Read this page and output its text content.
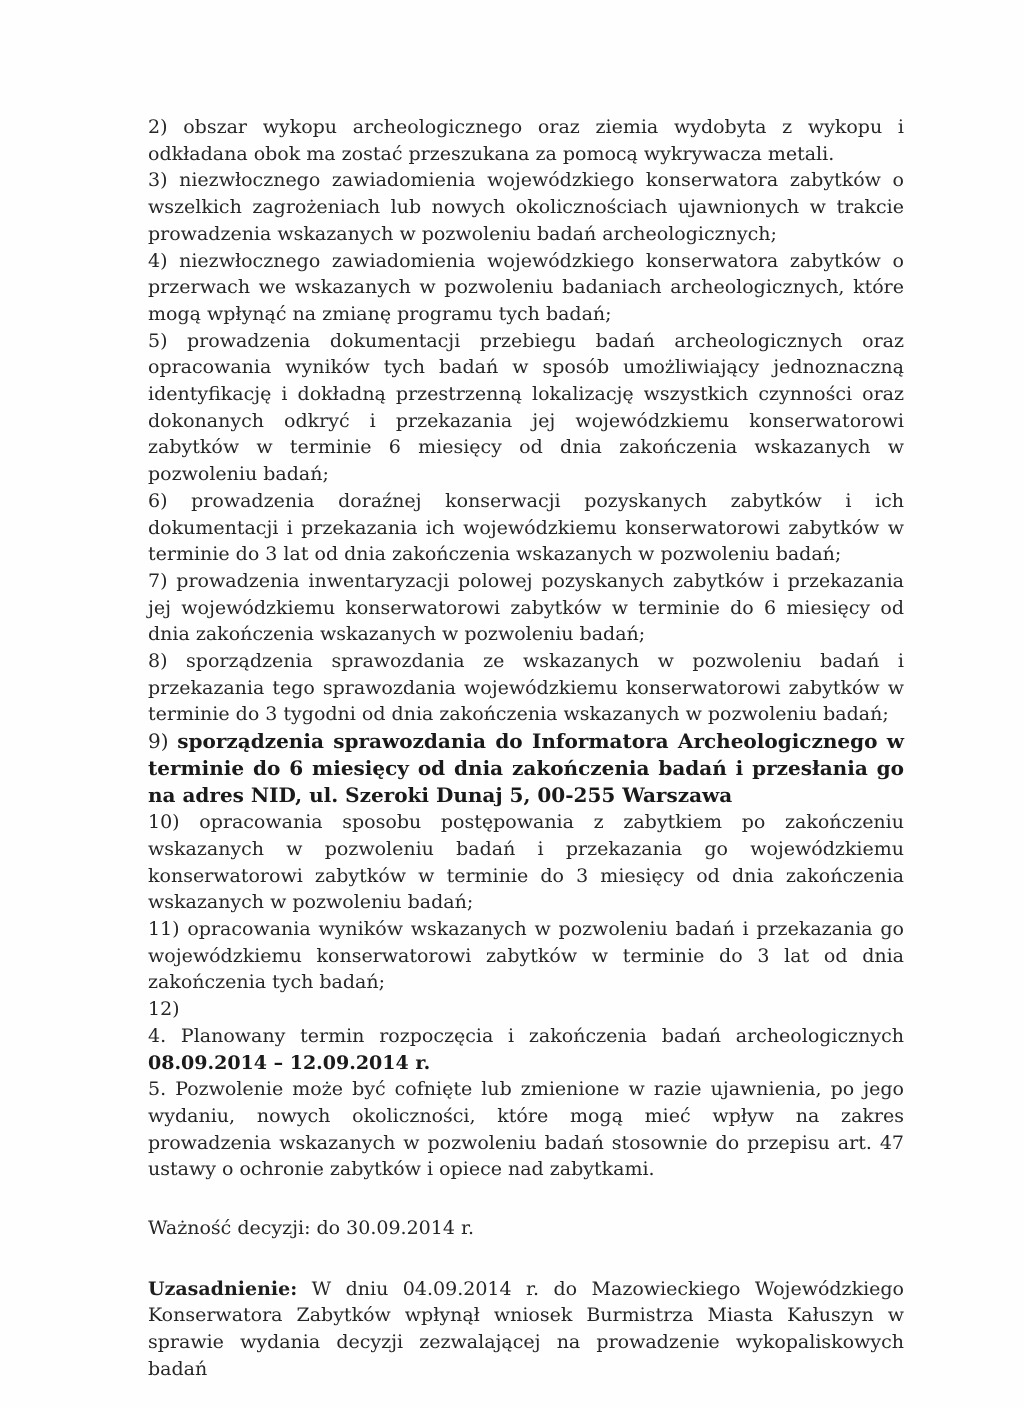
2) obszar wykopu archeologicznego oraz ziemia wydobyta z wykopu i odkładana obok ma zostać przeszukana za pomocą wykrywacza metali.

3) niezwłocznego zawiadomienia wojewódzkiego konserwatora zabytków o wszelkich zagrożeniach lub nowych okolicznościach ujawnionych w trakcie prowadzenia wskazanych w pozwoleniu badań archeologicznych;

4) niezwłocznego zawiadomienia wojewódzkiego konserwatora zabytków o przerwach we wskazanych w pozwoleniu badaniach archeologicznych, które mogą wpłynąć na zmianę programu tych badań;

5) prowadzenia dokumentacji przebiegu badań archeologicznych oraz opracowania wyników tych badań w sposób umożliwiający jednoznaczną identyfikację i dokładną przestrzenną lokalizację wszystkich czynności oraz dokonanych odkryć i przekazania jej wojewódzkiemu konserwatorowi zabytków w terminie 6 miesięcy od dnia zakończenia wskazanych w pozwoleniu badań;

6) prowadzenia doraźnej konserwacji pozyskanych zabytków i ich dokumentacji i przekazania ich wojewódzkiemu konserwatorowi zabytków w terminie do 3 lat od dnia zakończenia wskazanych w pozwoleniu badań;

7) prowadzenia inwentaryzacji polowej pozyskanych zabytków i przekazania jej wojewódzkiemu konserwatorowi zabytków w terminie do 6 miesięcy od dnia zakończenia wskazanych w pozwoleniu badań;

8) sporządzenia sprawozdania ze wskazanych w pozwoleniu badań i przekazania tego sprawozdania wojewódzkiemu konserwatorowi zabytków w terminie do 3 tygodni od dnia zakończenia wskazanych w pozwoleniu badań;

9) sporządzenia sprawozdania do Informatora Archeologicznego w terminie do 6 miesięcy od dnia zakończenia badań i przesłania go na adres NID, ul. Szeroki Dunaj 5, 00-255 Warszawa

10) opracowania sposobu postępowania z zabytkiem po zakończeniu wskazanych w pozwoleniu badań i przekazania go wojewódzkiemu konserwatorowi zabytków w terminie do 3 miesięcy od dnia zakończenia wskazanych w pozwoleniu badań;

11) opracowania wyników wskazanych w pozwoleniu badań i przekazania go wojewódzkiemu konserwatorowi zabytków w terminie do 3 lat od dnia zakończenia tych badań;

12)

4. Planowany termin rozpoczęcia i zakończenia badań archeologicznych 08.09.2014 – 12.09.2014 r.

5. Pozwolenie może być cofnięte lub zmienione w razie ujawnienia, po jego wydaniu, nowych okoliczności, które mogą mieć wpływ na zakres prowadzenia wskazanych w pozwoleniu badań stosownie do przepisu art. 47 ustawy o ochronie zabytków i opiece nad zabytkami.

Ważność decyzji: do 30.09.2014 r.

Uzasadnienie: W dniu 04.09.2014 r. do Mazowieckiego Wojewódzkiego Konserwatora Zabytków wpłynął wniosek Burmistrza Miasta Kałuszyn w sprawie wydania decyzji zezwalającej na prowadzenie wykopaliskowych badań
